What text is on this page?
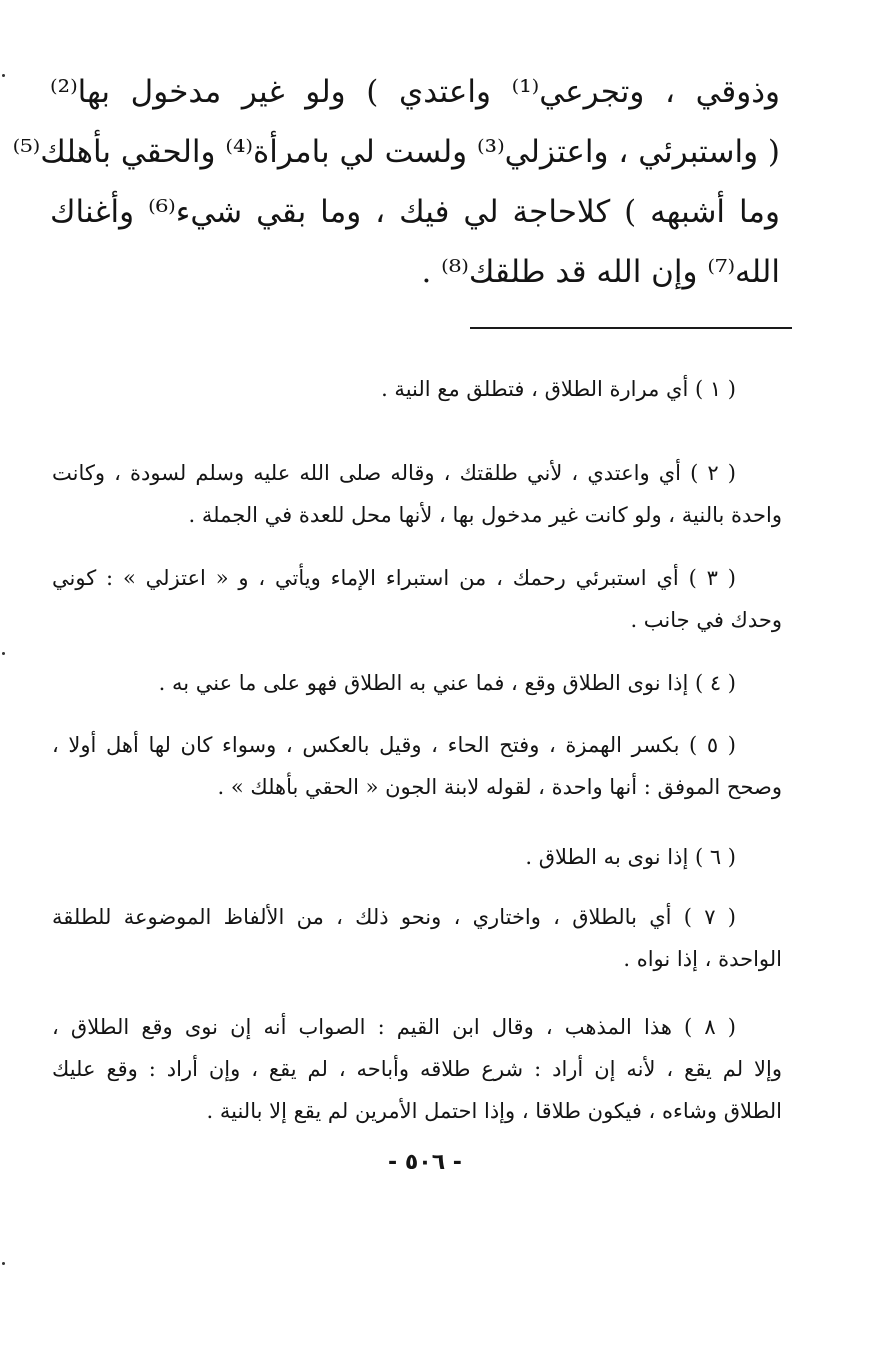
وذوقي ، وتجرعي⁽¹⁾ واعتدي ) ولو غير مدخول بها⁽²⁾
( واستبرئي ، واعتزلي⁽³⁾ ولست لي بامرأة⁽⁴⁾ والحقي بأهلك⁽⁵⁾
وما أشبهه ) كلاحاجة لي فيك ، وما بقي شيء⁽⁶⁾ وأغناك
الله⁽⁷⁾ وإن الله قد طلقك⁽⁸⁾ .
( ١ ) أي مرارة الطلاق ، فتطلق مع النية .
( ٢ ) أي واعتدي ، لأني طلقتك ، وقاله صلى الله عليه وسلم لسودة ، وكانت
واحدة بالنية ، ولو كانت غير مدخول بها ، لأنها محل للعدة في الجملة .
( ٣ ) أي استبرئي رحمك ، من استبراء الإماء ويأتي ، و « اعتزلي » : كوني
وحدك في جانب .
( ٤ ) إذا نوى الطلاق وقع ، فما عني به الطلاق فهو على ما عني به .
( ٥ ) بكسر الهمزة ، وفتح الحاء ، وقيل بالعكس ، وسواء كان لها أهل أولا ،
وصحح الموفق : أنها واحدة ، لقوله لابنة الجون « الحقي بأهلك » .
( ٦ ) إذا نوى به الطلاق .
( ٧ ) أي بالطلاق ، واختاري ، ونحو ذلك ، من الألفاظ الموضوعة للطلقة
الواحدة ، إذا نواه .
( ٨ ) هذا المذهب ، وقال ابن القيم : الصواب أنه إن نوى وقع الطلاق ،
وإلا لم يقع ، لأنه إن أراد : شرع طلاقه وأباحه ، لم يقع ، وإن أراد : وقع عليك
الطلاق وشاءه ، فيكون طلاقا ، وإذا احتمل الأمرين لم يقع إلا بالنية .
- ٥٠٦ -
